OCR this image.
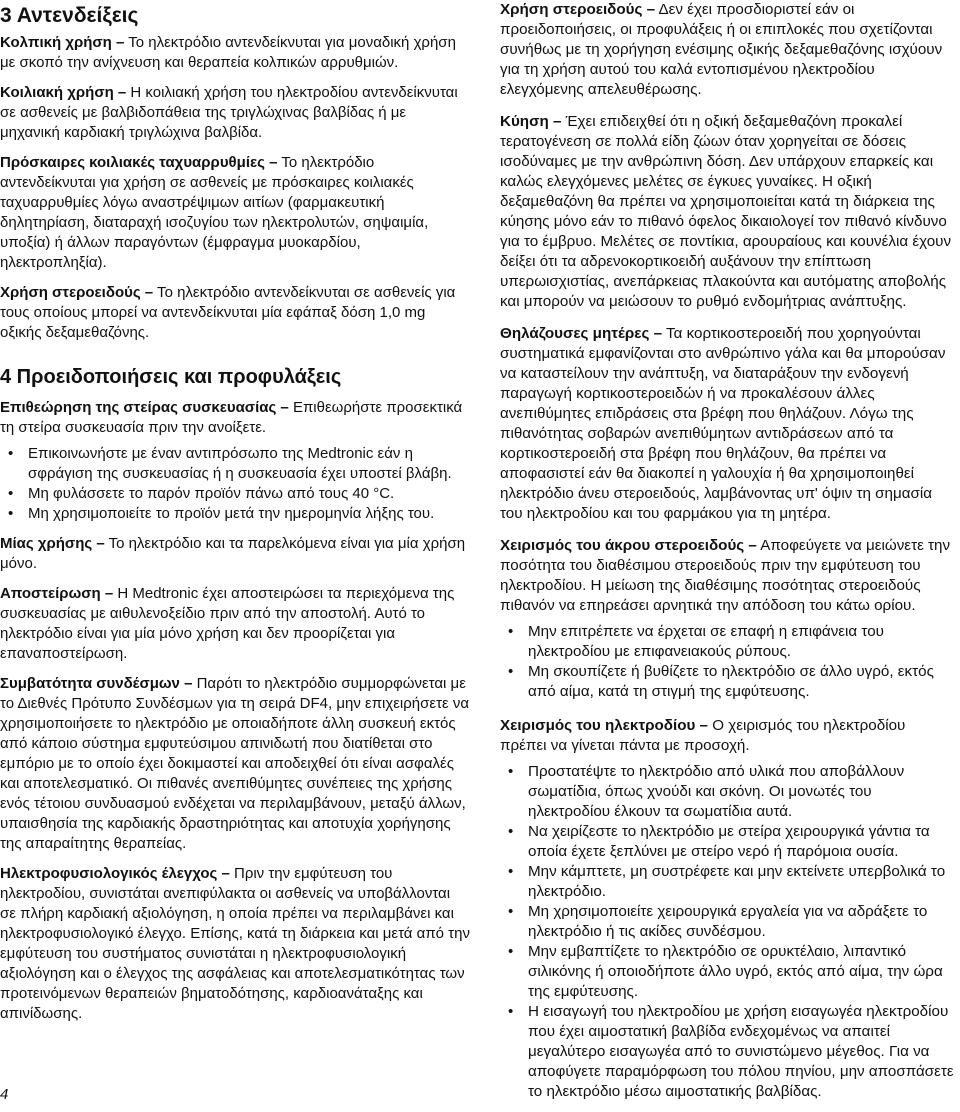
3 Αντενδείξεις

Κολπική χρήση – Το ηλεκτρόδιο αντενδείκνυται για μοναδική χρήση με σκοπό την ανίχνευση και θεραπεία κολπικών αρρυθμιών.

Κοιλιακή χρήση – Η κοιλιακή χρήση του ηλεκτροδίου αντενδείκνυται σε ασθενείς με βαλβιδοπάθεια της τριγλώχινας βαλβίδας ή με μηχανική καρδιακή τριγλώχινα βαλβίδα.

Πρόσκαιρες κοιλιακές ταχυαρρυθμίες – Το ηλεκτρόδιο αντενδείκνυται για χρήση σε ασθενείς με πρόσκαιρες κοιλιακές ταχυαρρυθμίες λόγω αναστρέψιμων αιτίων (φαρμακευτική δηλητηρίαση, διαταραχή ισοζυγίου των ηλεκτρολυτών, σηψαιμία, υποξία) ή άλλων παραγόντων (έμφραγμα μυοκαρδίου, ηλεκτροπληξία).

Χρήση στεροειδούς – Το ηλεκτρόδιο αντενδείκνυται σε ασθενείς για τους οποίους μπορεί να αντενδείκνυται μία εφάπαξ δόση 1,0 mg οξικής δεξαμεθαζόνης.

4 Προειδοποιήσεις και προφυλάξεις

Επιθεώρηση της στείρας συσκευασίας – Επιθεωρήστε προσεκτικά τη στείρα συσκευασία πριν την ανοίξετε.

• Επικοινωνήστε με έναν αντιπρόσωπο της Medtronic εάν η σφράγιση της συσκευασίας ή η συσκευασία έχει υποστεί βλάβη.
• Μη φυλάσσετε το παρόν προϊόν πάνω από τους 40 °C.
• Μη χρησιμοποιείτε το προϊόν μετά την ημερομηνία λήξης του.

Μίας χρήσης – Το ηλεκτρόδιο και τα παρελκόμενα είναι για μία χρήση μόνο.

Αποστείρωση – Η Medtronic έχει αποστειρώσει τα περιεχόμενα της συσκευασίας με αιθυλενοξείδιο πριν από την αποστολή. Αυτό το ηλεκτρόδιο είναι για μία μόνο χρήση και δεν προορίζεται για επαναποστείρωση.

Συμβατότητα συνδέσμων – Παρότι το ηλεκτρόδιο συμμορφώνεται με το Διεθνές Πρότυπο Συνδέσμων για τη σειρά DF4, μην επιχειρήσετε να χρησιμοποιήσετε το ηλεκτρόδιο με οποιαδήποτε άλλη συσκευή εκτός από κάποιο σύστημα εμφυτεύσιμου απινιδωτή που διατίθεται στο εμπόριο με το οποίο έχει δοκιμαστεί και αποδειχθεί ότι είναι ασφαλές και αποτελεσματικό. Οι πιθανές ανεπιθύμητες συνέπειες της χρήσης ενός τέτοιου συνδυασμού ενδέχεται να περιλαμβάνουν, μεταξύ άλλων, υπαισθησία της καρδιακής δραστηριότητας και αποτυχία χορήγησης της απαραίτητης θεραπείας.

Ηλεκτροφυσιολογικός έλεγχος – Πριν την εμφύτευση του ηλεκτροδίου, συνιστάται ανεπιφύλακτα οι ασθενείς να υποβάλλονται σε πλήρη καρδιακή αξιολόγηση, η οποία πρέπει να περιλαμβάνει και ηλεκτροφυσιολογικό έλεγχο. Επίσης, κατά τη διάρκεια και μετά από την εμφύτευση του συστήματος συνιστάται η ηλεκτροφυσιολογική αξιολόγηση και ο έλεγχος της ασφάλειας και αποτελεσματικότητας των προτεινόμενων θεραπειών βηματοδότησης, καρδιοανάταξης και απινίδωσης.

Χρήση στεροειδούς – Δεν έχει προσδιοριστεί εάν οι προειδοποιήσεις, οι προφυλάξεις ή οι επιπλοκές που σχετίζονται συνήθως με τη χορήγηση ενέσιμης οξικής δεξαμεθαζόνης ισχύουν για τη χρήση αυτού του καλά εντοπισμένου ηλεκτροδίου ελεγχόμενης απελευθέρωσης.

Κύηση – Έχει επιδειχθεί ότι η οξική δεξαμεθαζόνη προκαλεί τερατογένεση σε πολλά είδη ζώων όταν χορηγείται σε δόσεις ισοδύναμες με την ανθρώπινη δόση. Δεν υπάρχουν επαρκείς και καλώς ελεγχόμενες μελέτες σε έγκυες γυναίκες. Η οξική δεξαμεθαζόνη θα πρέπει να χρησιμοποιείται κατά τη διάρκεια της κύησης μόνο εάν το πιθανό όφελος δικαιολογεί τον πιθανό κίνδυνο για το έμβρυο. Μελέτες σε ποντίκια, αρουραίους και κουνέλια έχουν δείξει ότι τα αδρενοκορτικοειδή αυξάνουν την επίπτωση υπερωισχιστίας, ανεπάρκειας πλακούντα και αυτόματης αποβολής και μπορούν να μειώσουν το ρυθμό ενδομήτριας ανάπτυξης.

Θηλάζουσες μητέρες – Τα κορτικοστεροειδή που χορηγούνται συστηματικά εμφανίζονται στο ανθρώπινο γάλα και θα μπορούσαν να καταστείλουν την ανάπτυξη, να διαταράξουν την ενδογενή παραγωγή κορτικοστεροειδών ή να προκαλέσουν άλλες ανεπιθύμητες επιδράσεις στα βρέφη που θηλάζουν. Λόγω της πιθανότητας σοβαρών ανεπιθύμητων αντιδράσεων από τα κορτικοστεροειδή στα βρέφη που θηλάζουν, θα πρέπει να αποφασιστεί εάν θα διακοπεί η γαλουχία ή θα χρησιμοποιηθεί ηλεκτρόδιο άνευ στεροειδούς, λαμβάνοντας υπ' όψιν τη σημασία του ηλεκτροδίου και του φαρμάκου για τη μητέρα.

Χειρισμός του άκρου στεροειδούς – Αποφεύγετε να μειώνετε την ποσότητα του διαθέσιμου στεροειδούς πριν την εμφύτευση του ηλεκτροδίου. Η μείωση της διαθέσιμης ποσότητας στεροειδούς πιθανόν να επηρεάσει αρνητικά την απόδοση του κάτω ορίου.

• Μην επιτρέπετε να έρχεται σε επαφή η επιφάνεια του ηλεκτροδίου με επιφανειακούς ρύπους.
• Μη σκουπίζετε ή βυθίζετε το ηλεκτρόδιο σε άλλο υγρό, εκτός από αίμα, κατά τη στιγμή της εμφύτευσης.

Χειρισμός του ηλεκτροδίου – Ο χειρισμός του ηλεκτροδίου πρέπει να γίνεται πάντα με προσοχή.

• Προστατέψτε το ηλεκτρόδιο από υλικά που αποβάλλουν σωματίδια, όπως χνούδι και σκόνη. Οι μονωτές του ηλεκτροδίου έλκουν τα σωματίδια αυτά.
• Να χειρίζεστε το ηλεκτρόδιο με στείρα χειρουργικά γάντια τα οποία έχετε ξεπλύνει με στείρο νερό ή παρόμοια ουσία.
• Μην κάμπτετε, μη συστρέφετε και μην εκτείνετε υπερβολικά το ηλεκτρόδιο.
• Μη χρησιμοποιείτε χειρουργικά εργαλεία για να αδράξετε το ηλεκτρόδιο ή τις ακίδες συνδέσμου.
• Μην εμβαπτίζετε το ηλεκτρόδιο σε ορυκτέλαιο, λιπαντικό σιλικόνης ή οποιοδήποτε άλλο υγρό, εκτός από αίμα, την ώρα της εμφύτευσης.
• Η εισαγωγή του ηλεκτροδίου με χρήση εισαγωγέα ηλεκτροδίου που έχει αιμοστατική βαλβίδα ενδεχομένως να απαιτεί μεγαλύτερο εισαγωγέα από το συνιστώμενο μέγεθος. Για να αποφύγετε παραμόρφωση του πόλου πηνίου, μην αποσπάσετε το ηλεκτρόδιο μέσω αιμοστατικής βαλβίδας.
4
